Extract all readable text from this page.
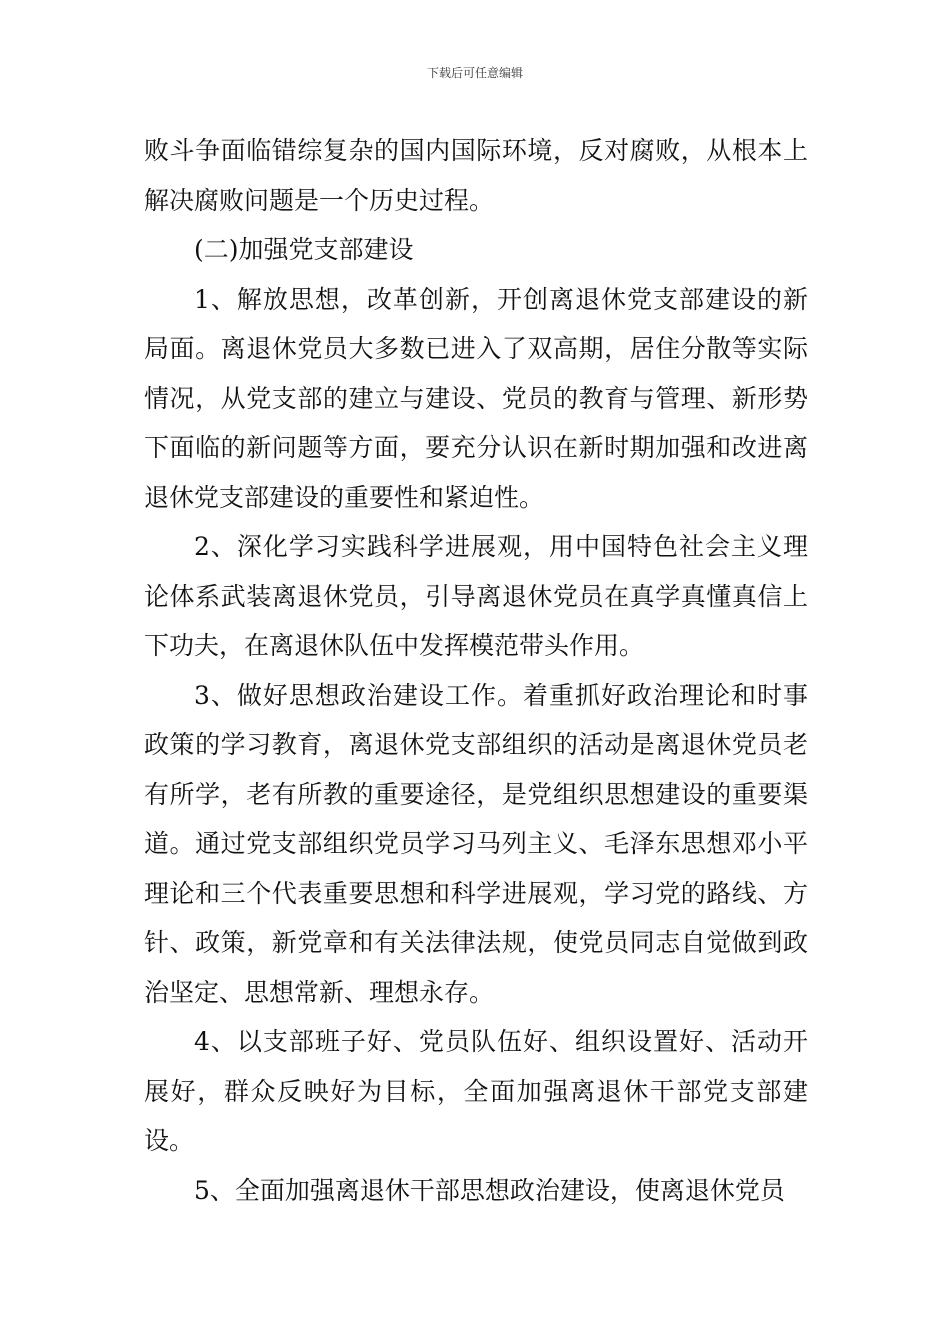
下载后可任意编辑

败斗争面临错综复杂的国内国际环境，反对腐败，从根本上解决腐败问题是一个历史过程。

(二)加强党支部建设

1、解放思想，改革创新，开创离退休党支部建设的新局面。离退休党员大多数已进入了双高期，居住分散等实际情况，从党支部的建立与建设、党员的教育与管理、新形势下面临的新问题等方面，要充分认识在新时期加强和改进离退休党支部建设的重要性和紧迫性。

2、深化学习实践科学进展观，用中国特色社会主义理论体系武装离退休党员，引导离退休党员在真学真懂真信上下功夫，在离退休队伍中发挥模范带头作用。

3、做好思想政治建设工作。着重抓好政治理论和时事政策的学习教育，离退休党支部组织的活动是离退休党员老有所学，老有所教的重要途径，是党组织思想建设的重要渠道。通过党支部组织党员学习马列主义、毛泽东思想邓小平理论和三个代表重要思想和科学进展观，学习党的路线、方针、政策，新党章和有关法律法规，使党员同志自觉做到政治坚定、思想常新、理想永存。

4、以支部班子好、党员队伍好、组织设置好、活动开展好，群众反映好为目标，全面加强离退休干部党支部建设。

5、全面加强离退休干部思想政治建设，使离退休党员
